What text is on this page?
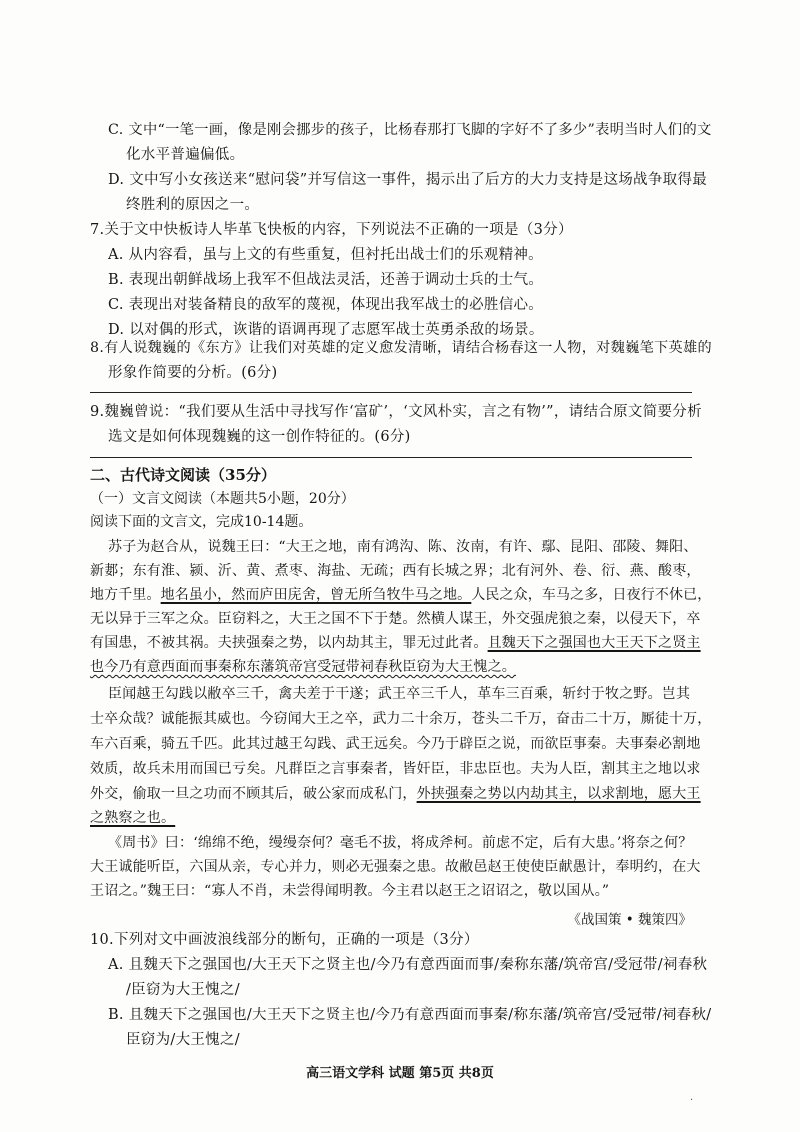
C. 文中“一笔一画，像是刚会挪步的孩子，比杨春那打飞脚的字好不了多少”表明当时人们的文
化水平普遍偏低。
D. 文中写小女孩送来“慰问袋”并写信这一事件，揭示出了后方的大力支持是这场战争取得最
终胜利的原因之一。
7.关于文中快板诗人毕革飞快板的内容，下列说法不正确的一项是（3分）
A. 从内容看，虽与上文的有些重复，但衬托出战士们的乐观精神。
B. 表现出朝鲜战场上我军不但战法灵活，还善于调动士兵的士气。
C. 表现出对装备精良的敌军的蔑视，体现出我军战士的必胜信心。
D. 以对偶的形式，诙谐的语调再现了志愿军战士英勇杀敌的场景。
8.有人说魏巍的《东方》让我们对英雄的定义愈发清晰，请结合杨春这一人物，对魏巍笔下英雄的
形象作简要的分析。(6分)
9.魏巍曾说：“我们要从生活中寻找写作‘富矿’，‘文风朴实，言之有物’”，请结合原文简要分析
选文是如何体现魏巍的这一创作特征的。(6分)
二、古代诗文阅读（35分）
（一）文言文阅读（本题共5小题，20分）
阅读下面的文言文，完成10-14题。
苏子为赵合从，说魏王曰：“大王之地，南有鸿沟、陈、汝南，有许、鄢、昆阳、邵陵、舞阳、
新郪；东有淮、颍、沂、黄、煮枣、海盐、无疏；西有长城之界；北有河外、卷、衍、燕、酸枣，
地方千里。地名虽小，然而庐田庑舍，曾无所刍牧牛马之地。人民之众，车马之多，日夜行不休已，
无以异于三军之众。臣窃料之，大王之国不下于楚。然横人谋王，外交强虎狼之秦，以侵天下，卒
有国患，不被其祸。夫挟强秦之势，以内劫其主，罪无过此者。且魏天下之强国也大王天下之贤主
也今乃有意西面而事秦称东藩筑帝宫受冠带祠春秋臣窃为大王愧之。
臣闻越王勾践以敝卒三千，禽夫差于干遂；武王卒三千人，革车三百乘，斩纣于牧之野。岂其
士卒众哉？诚能振其威也。今窃闻大王之卒，武力二十余万，苍头二千万，奋击二十万，厮徒十万，
车六百乘，骑五千匹。此其过越王勾践、武王远矣。今乃于辟臣之说，而欲臣事秦。夫事秦必割地
效质，故兵未用而国已亏矣。凡群臣之言事秦者，皆奸臣，非忠臣也。夫为人臣，割其主之地以求
外交，偷取一旦之功而不顾其后，破公家而成私门，外挟强秦之势以内劫其主，以求割地，愿大王
之熟察之也。
《周书》曰：‘绵绵不绝，缦缦奈何？毫毛不拔，将成斧柯。前虑不定，后有大患。’将奈之何？
大王诚能听臣，六国从亲，专心并力，则必无强秦之患。故敝邑赵王使使臣献愚计，奉明约，在大
王诏之。”魏王曰：“寡人不肖，未尝得闻明教。今主君以赵王之诏诏之，敬以国从。”
《战国策 • 魏策四》
10.下列对文中画波浪线部分的断句，正确的一项是（3分）
A. 且魏天下之强国也/大王天下之贤主也/今乃有意西面而事/秦称东藩/筑帝宫/受冠带/祠春秋
/臣窃为大王愧之/
B. 且魏天下之强国也/大王天下之贤主也/今乃有意西面而事秦/称东藩/筑帝宫/受冠带/祠春秋/
臣窃为/大王愧之/
高三语文学科 试题 第5页 共8页
·
